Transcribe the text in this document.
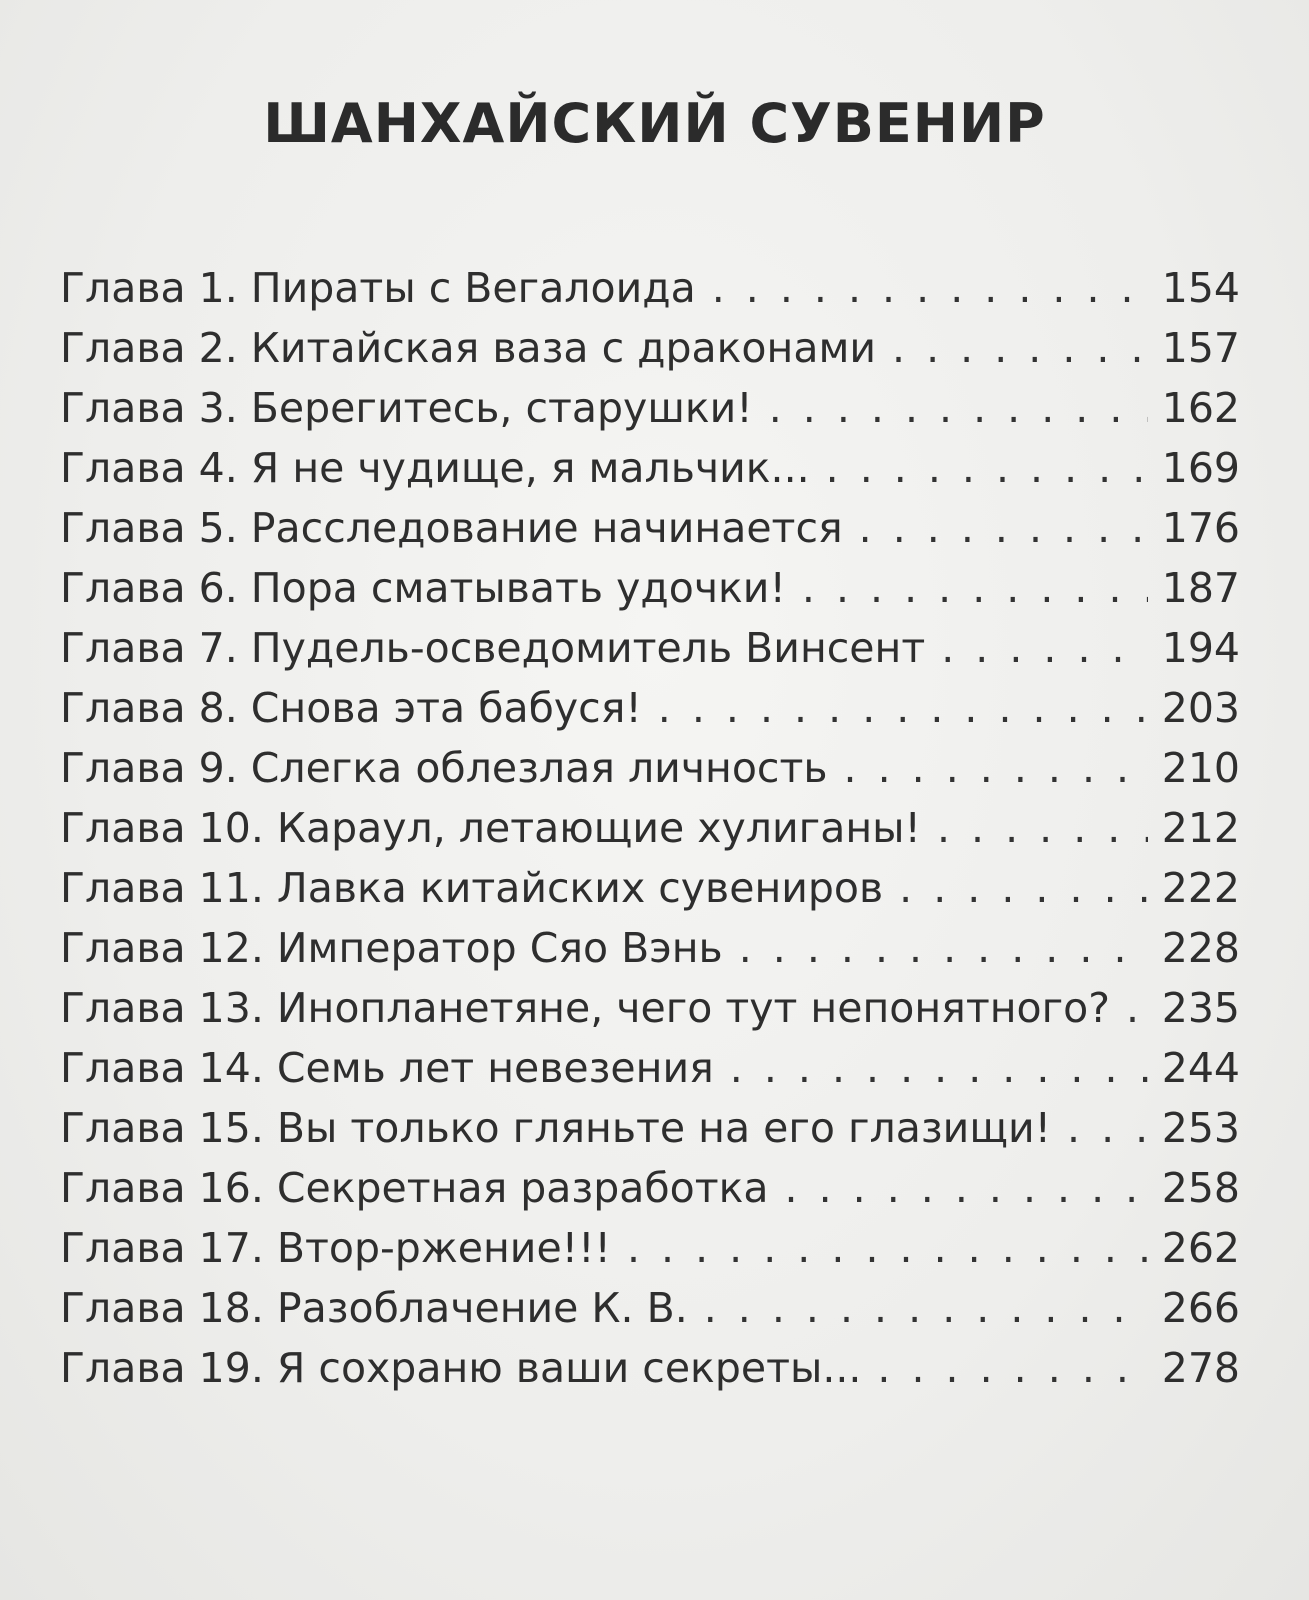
ШАНХАЙСКИЙ СУВЕНИР
Глава 1. Пираты с Вегалоида . . .	154
Глава 2. Китайская ваза с драконами . . .	157
Глава 3. Берегитесь, старушки! . . .	162
Глава 4. Я не чудище, я мальчик... . . .	169
Глава 5. Расследование начинается . . .	176
Глава 6. Пора сматывать удочки! . . .	187
Глава 7. Пудель-осведомитель Винсент . . .	194
Глава 8. Снова эта бабуся! . . .	203
Глава 9. Слегка облезлая личность . . .	210
Глава 10. Караул, летающие хулиганы! . . .	212
Глава 11. Лавка китайских сувениров . . .	222
Глава 12. Император Сяо Вэнь . . .	228
Глава 13. Инопланетяне, чего тут непонятного? . . . 235
Глава 14. Семь лет невезения . . .	244
Глава 15. Вы только гляньте на его глазищи! . . .	253
Глава 16. Секретная разработка . . .	258
Глава 17. Втор-ржение!!! . . .	262
Глава 18. Разоблачение К. В. . . .	266
Глава 19. Я сохраню ваши секреты... . . .	278
